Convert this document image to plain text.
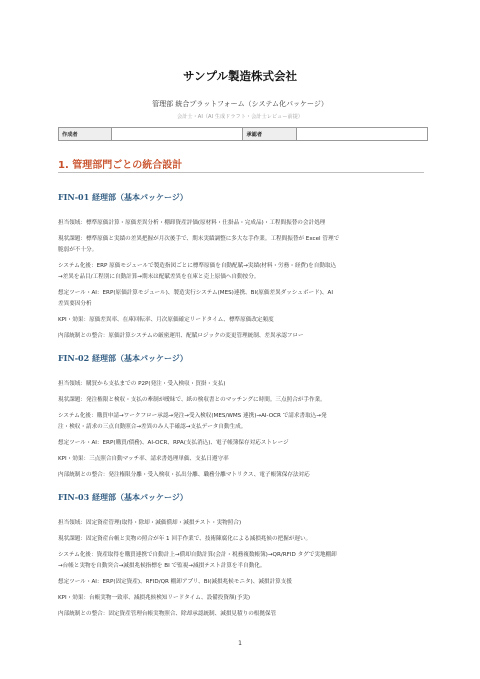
サンプル製造株式会社
管理部 統合プラットフォーム（システム化パッケージ）
会計士・AI（AI 生成ドラフト・会計士レビュー前提）
作成者		承認者	
1. 管理部門ごとの統合設計
FIN-01 経理部（基本パッケージ）
担当領域：標準原価計算・原価差異分析・棚卸資産評価(原材料・仕掛品・完成品)・工程間振替の会計処理
現状課題：標準原価と実績の差異把握が月次後手で、期末実績調整に多大な手作業。工程間振替が Excel 管理で
脆弱が不十分。
システム化後：ERP 原価モジュールで製造指図ごとに標準原価を自動配賦→実績(材料・労務・経費)を自動取込
→差異を品目/工程別に自動計算→期末は配賦差異を在庫と売上原価へ自動按分。
想定ツール・AI：ERP(原価計算モジュール)、製造実行システム(MES)連携、BI(原価差異ダッシュボード)、AI
差異要因分析
KPI・効果：原価差異率、在庫回転率、月次原価確定リードタイム、標準原価改定頻度
内部統制との整合：原価計算システムの厳密運用、配賦ロジックの変更管理統制、差異承認フロー
FIN-02 経理部（基本パッケージ）
担当領域：購買から支払までの P2P(発注・受入検収・買掛・支払)
現状課題：発注権限と検収・支払の牽制が曖昧で、紙の検収書とのマッチングに時間。三点照合が手作業。
システム化後：購買申請→ワークフロー承認→発注→受入検収(MES/WMS 連携)→AI-OCR で請求書取込→発
注・検収・請求の三点自動照合→差異のみ人手確認→支払データ自動生成。
想定ツール・AI：ERP(購買/債務)、AI-OCR、RPA(支払消込)、電子帳簿保存対応ストレージ
KPI・効果：三点照合自動マッチ率、請求書処理単価、支払日遵守率
内部統制との整合：発注権限分離・受入検収・払出分離、職務分離マトリクス、電子帳簿保存法対応
FIN-03 経理部（基本パッケージ）
担当領域：固定資産管理(取得・除却・減価償却・減損テスト・実物照合)
現状課題：固定資産台帳と実物の照合が年 1 回手作業で、技術陳腐化による減損兆候の把握が遅い。
システム化後：資産取得を購買連携で自動計上→償却自動計算(会計・税務複数帳簿)→QR/RFID タグで実地棚卸
→台帳と実物を自動突合→減損兆候指標を BI で監視→減損テスト計算を半自動化。
想定ツール・AI：ERP(固定資産)、RFID/QR 棚卸アプリ、BI(減損兆候モニタ)、減損計算支援
KPI・効果：台帳実物一致率、減損兆候検知リードタイム、設備投資額(予実)
内部統制との整合：固定資産管理台帳実物照合、除却承認統制、減損見積りの根拠保管
1
